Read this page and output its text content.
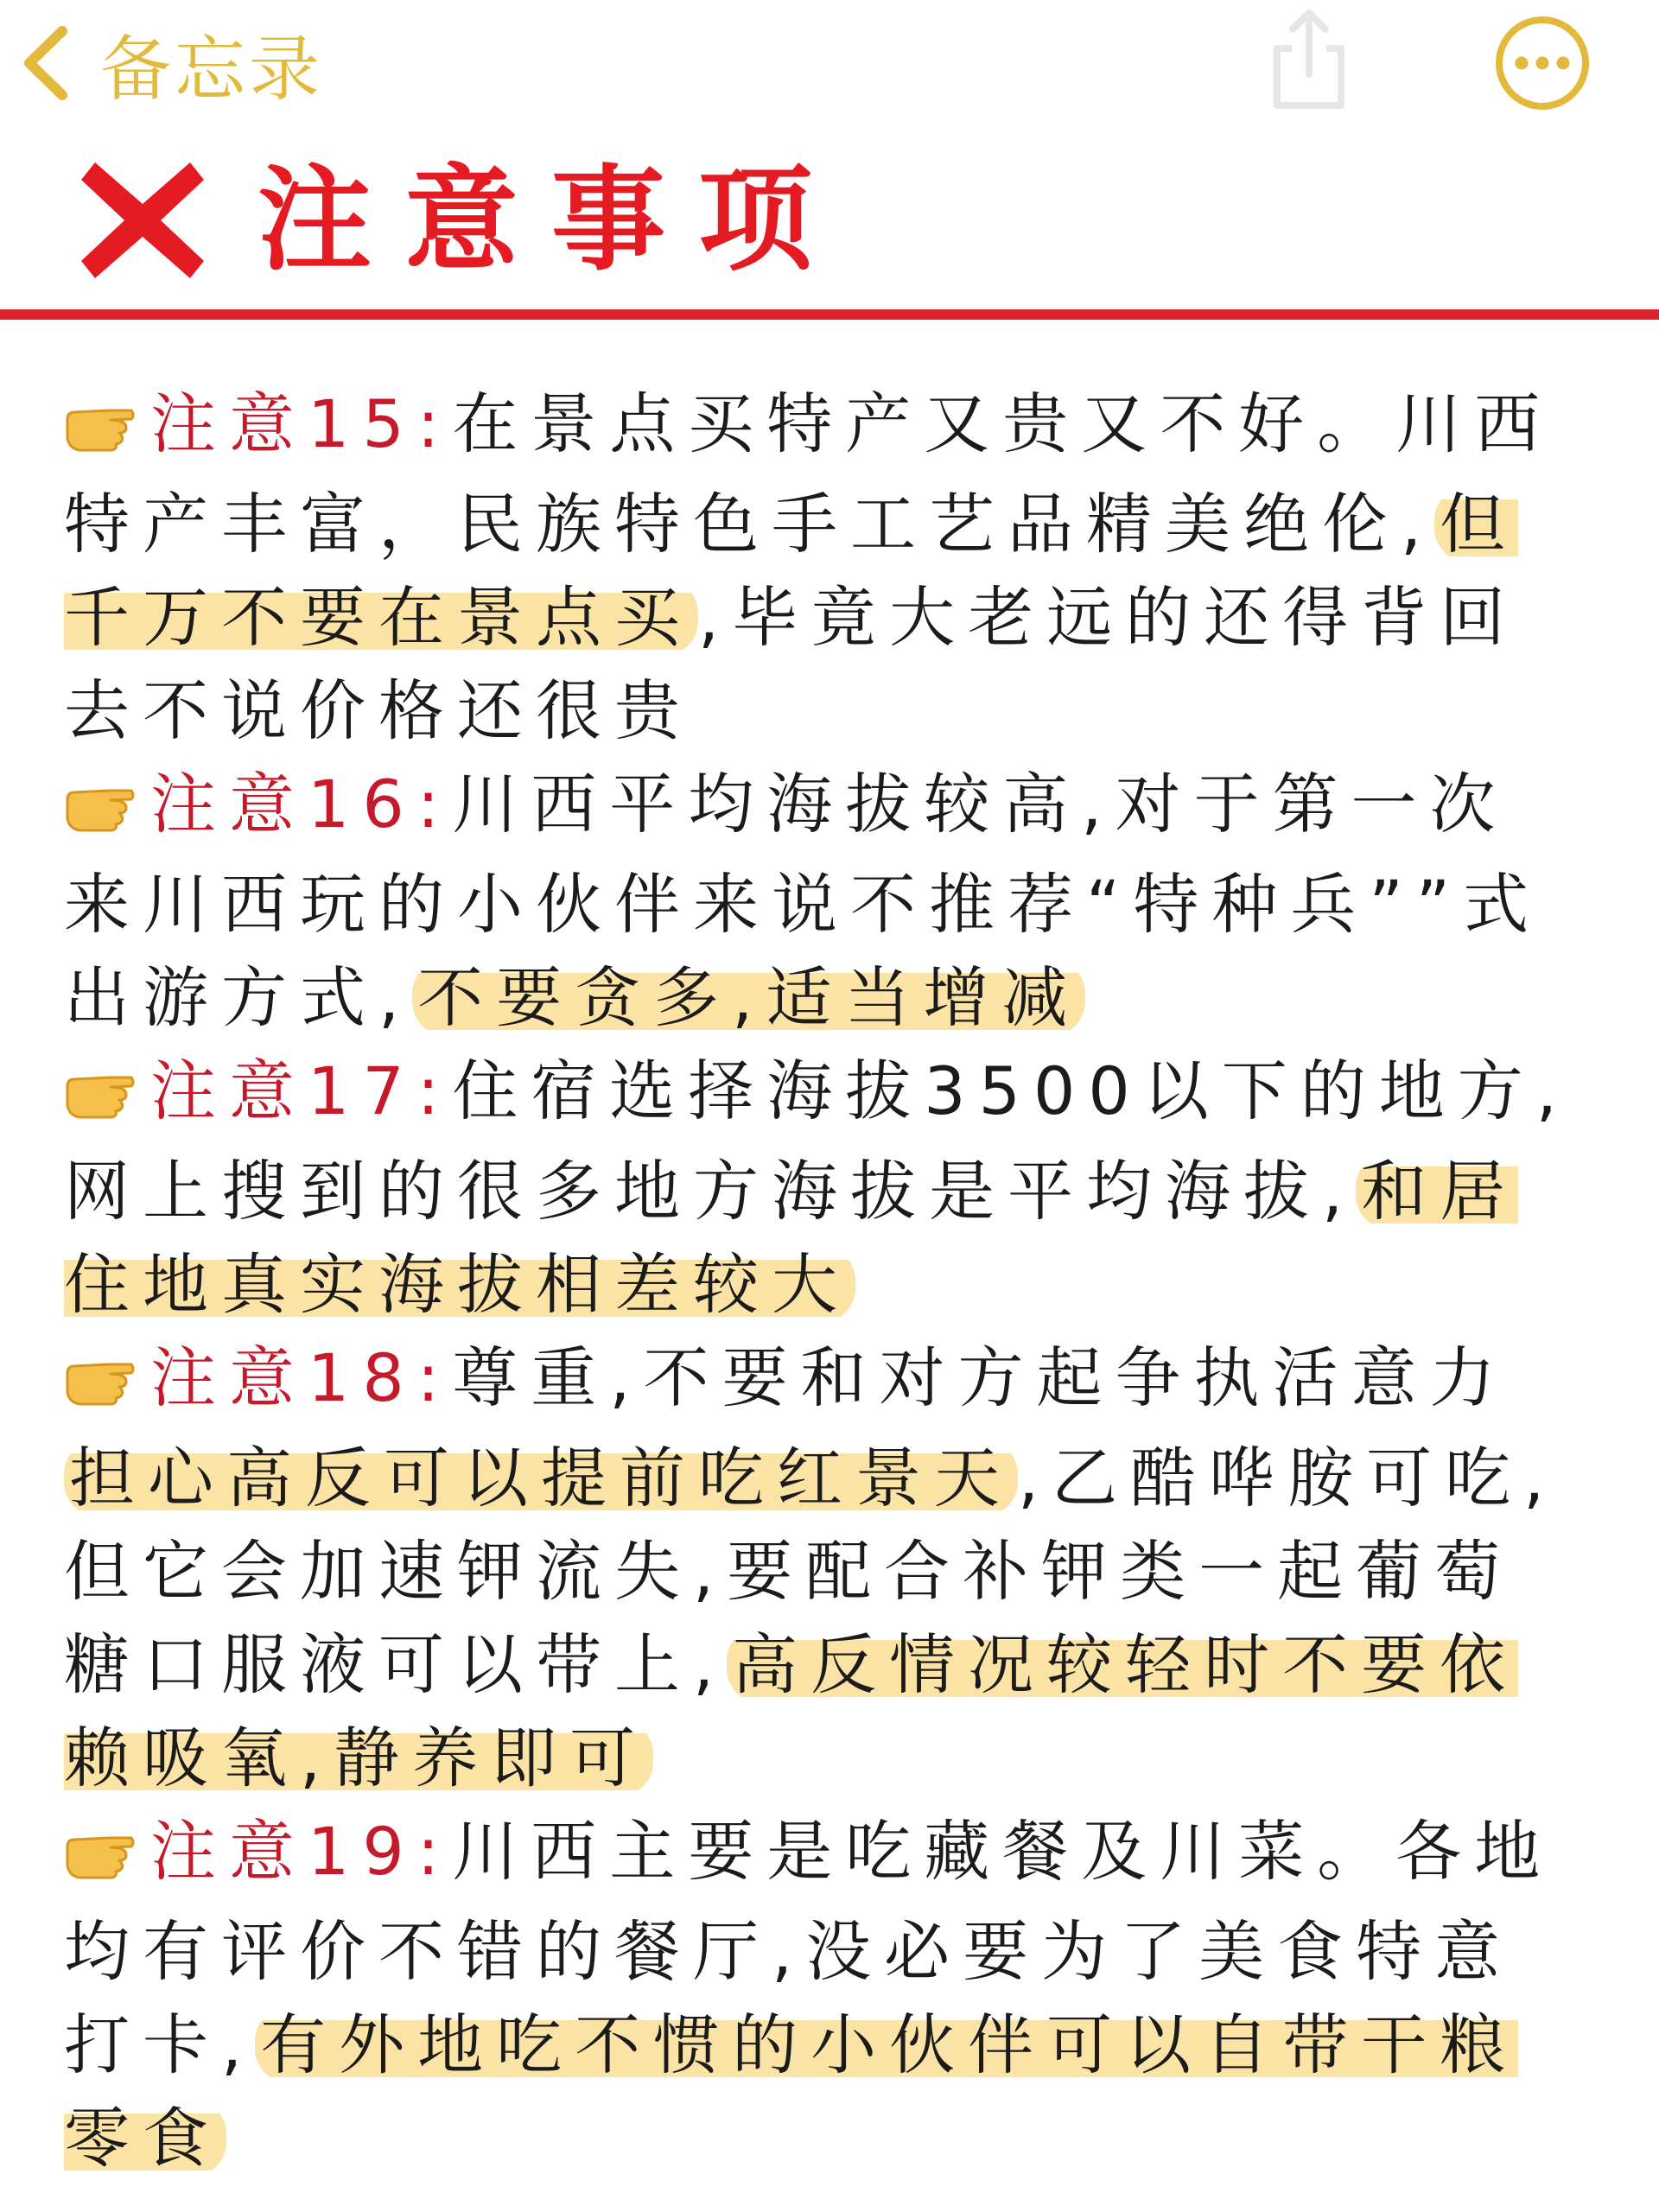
备忘录
注意事项

注意15:在景点买特产又贵又不好。川西特产丰富，民族特色手工艺品精美绝伦,但千万不要在景点买,毕竟大老远的还得背回去不说价格还很贵

注意16:川西平均海拔较高,对于第一次来川西玩的小伙伴来说不推荐“特种兵””式出游方式,不要贪多,适当增减

注意17:住宿选择海拔3500以下的地方,网上搜到的很多地方海拔是平均海拔,和居住地真实海拔相差较大

注意18:尊重,不要和对方起争执活意力担心高反可以提前吃红景天,乙酷哗胺可吃,但它会加速钾流失,要配合补钾类一起葡萄糖口服液可以带上,高反情况较轻时不要依赖吸氧,静养即可

注意19:川西主要是吃藏餐及川菜。各地均有评价不错的餐厅,没必要为了美食特意打卡,有外地吃不惯的小伙伴可以自带干粮零食
